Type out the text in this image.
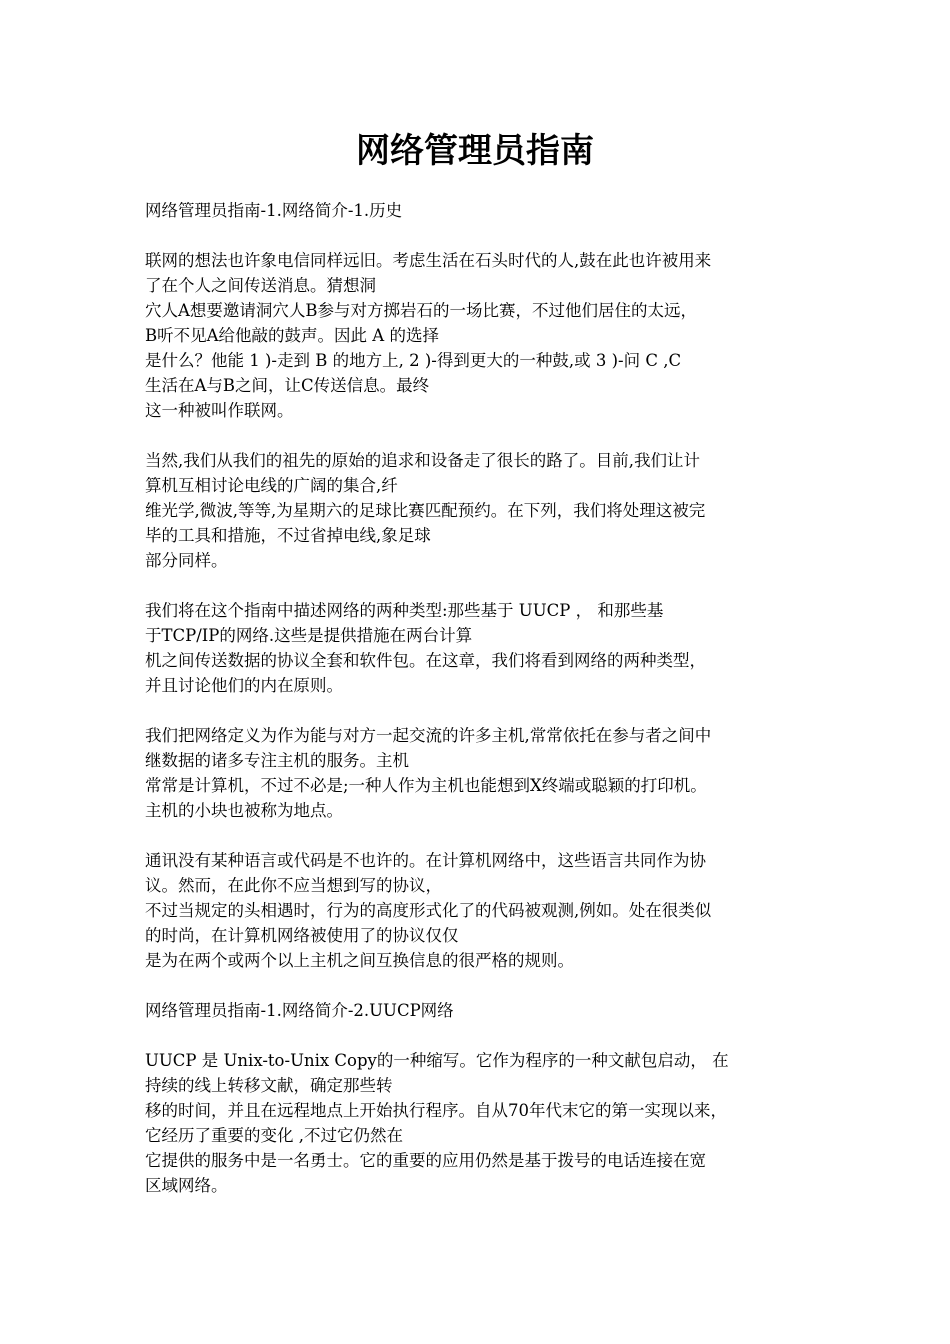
网络管理员指南
网络管理员指南-1.网络简介-1.历史
联网的想法也许象电信同样远旧。考虑生活在石头时代的人,鼓在此也许被用来
了在个人之间传送消息。猜想洞
穴人A想要邀请洞穴人B参与对方掷岩石的一场比赛，不过他们居住的太远，
B听不见A给他敲的鼓声。因此 A 的选择
是什么？他能 1 )-走到 B 的地方上, 2 )-得到更大的一种鼓,或 3 )-问 C ,C
生活在A与B之间，让C传送信息。最终
这一种被叫作联网。
当然,我们从我们的祖先的原始的追求和设备走了很长的路了。目前,我们让计
算机互相讨论电线的广阔的集合,纤
维光学,微波,等等,为星期六的足球比赛匹配预约。在下列，我们将处理这被完
毕的工具和措施，不过省掉电线,象足球
部分同样。
我们将在这个指南中描述网络的两种类型:那些基于 UUCP ， 和那些基
于TCP/IP的网络.这些是提供措施在两台计算
机之间传送数据的协议全套和软件包。在这章，我们将看到网络的两种类型，
并且讨论他们的内在原则。
我们把网络定义为作为能与对方一起交流的许多主机,常常依托在参与者之间中
继数据的诸多专注主机的服务。主机
常常是计算机，不过不必是;一种人作为主机也能想到X终端或聪颖的打印机。
主机的小块也被称为地点。
通讯没有某种语言或代码是不也许的。在计算机网络中，这些语言共同作为协
议。然而，在此你不应当想到写的协议，
不过当规定的头相遇时，行为的高度形式化了的代码被观测,例如。处在很类似
的时尚，在计算机网络被使用了的协议仅仅
是为在两个或两个以上主机之间互换信息的很严格的规则。
网络管理员指南-1.网络简介-2.UUCP网络
UUCP 是 Unix-to-Unix Copy的一种缩写。它作为程序的一种文献包启动， 在
持续的线上转移文献，确定那些转
移的时间，并且在远程地点上开始执行程序。自从70年代末它的第一实现以来，
它经历了重要的变化 ,不过它仍然在
它提供的服务中是一名勇士。它的重要的应用仍然是基于拨号的电话连接在宽
区域网络。
